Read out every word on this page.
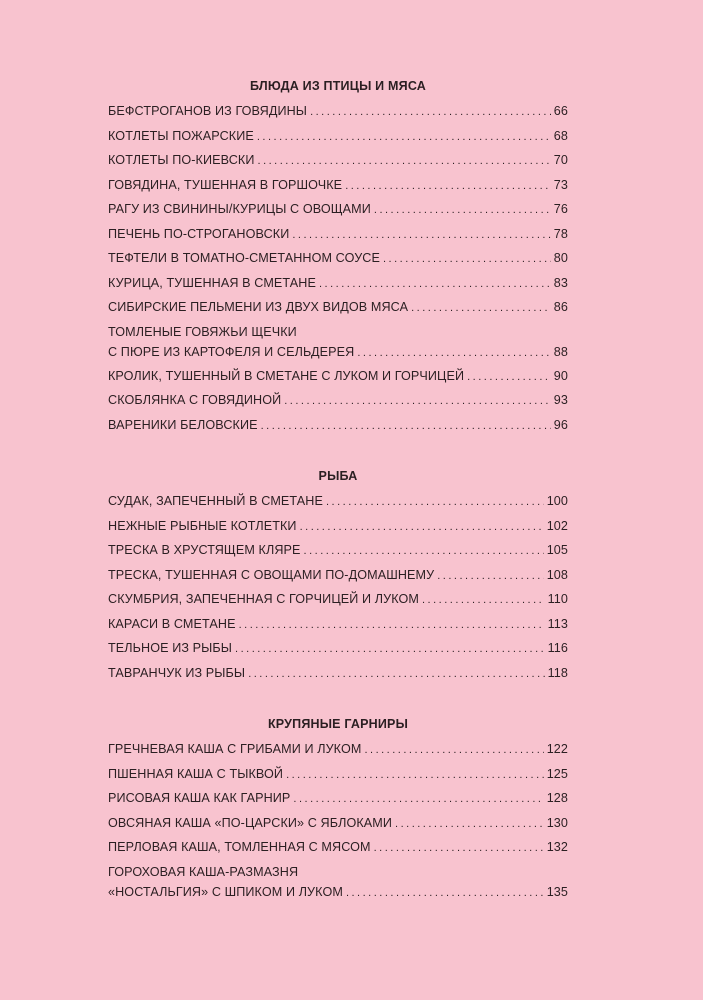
БЛЮДА ИЗ ПТИЦЫ И МЯСА
БЕФСТРОГАНОВ ИЗ ГОВЯДИНЫ .....	66
КОТЛЕТЫ ПОЖАРСКИЕ .....	68
КОТЛЕТЫ ПО-КИЕВСКИ .....	70
ГОВЯДИНА, ТУШЕННАЯ В ГОРШОЧКЕ .....	73
РАГУ ИЗ СВИНИНЫ/КУРИЦЫ С ОВОЩАМИ .....	76
ПЕЧЕНЬ ПО-СТРОГАНОВСКИ .....	78
ТЕФТЕЛИ В ТОМАТНО-СМЕТАННОМ СОУСЕ .....	80
КУРИЦА, ТУШЕННАЯ В СМЕТАНЕ .....	83
СИБИРСКИЕ ПЕЛЬМЕНИ ИЗ ДВУХ ВИДОВ МЯСА .....	86
ТОМЛЕНЫЕ ГОВЯЖЬИ ЩЕЧКИ
С ПЮРЕ ИЗ КАРТОФЕЛЯ И СЕЛЬДЕРЕЯ .....	88
КРОЛИК, ТУШЕННЫЙ В СМЕТАНЕ С ЛУКОМ И ГОРЧИЦЕЙ .....	90
СКОБЛЯНКА С ГОВЯДИНОЙ .....	93
ВАРЕНИКИ БЕЛОВСКИЕ .....	96
РЫБА
СУДАК, ЗАПЕЧЕННЫЙ В СМЕТАНЕ .....	100
НЕЖНЫЕ РЫБНЫЕ КОТЛЕТКИ .....	102
ТРЕСКА В ХРУСТЯЩЕМ КЛЯРЕ .....	105
ТРЕСКА, ТУШЕННАЯ С ОВОЩАМИ ПО-ДОМАШНЕМУ .....	108
СКУМБРИЯ, ЗАПЕЧЕННАЯ С ГОРЧИЦЕЙ И ЛУКОМ .....	110
КАРАСИ В СМЕТАНЕ .....	113
ТЕЛЬНОЕ ИЗ РЫБЫ .....	116
ТАВРАНЧУК ИЗ РЫБЫ .....	118
КРУПЯНЫЕ ГАРНИРЫ
ГРЕЧНЕВАЯ КАША С ГРИБАМИ И ЛУКОМ .....	122
ПШЕННАЯ КАША С ТЫКВОЙ .....	125
РИСОВАЯ КАША КАК ГАРНИР .....	128
ОВСЯНАЯ КАША «ПО-ЦАРСКИ» С ЯБЛОКАМИ .....	130
ПЕРЛОВАЯ КАША, ТОМЛЕННАЯ С МЯСОМ .....	132
ГОРОХОВАЯ КАША-РАЗМАЗНЯ
«НОСТАЛЬГИЯ» С ШПИКОМ И ЛУКОМ .....	135
